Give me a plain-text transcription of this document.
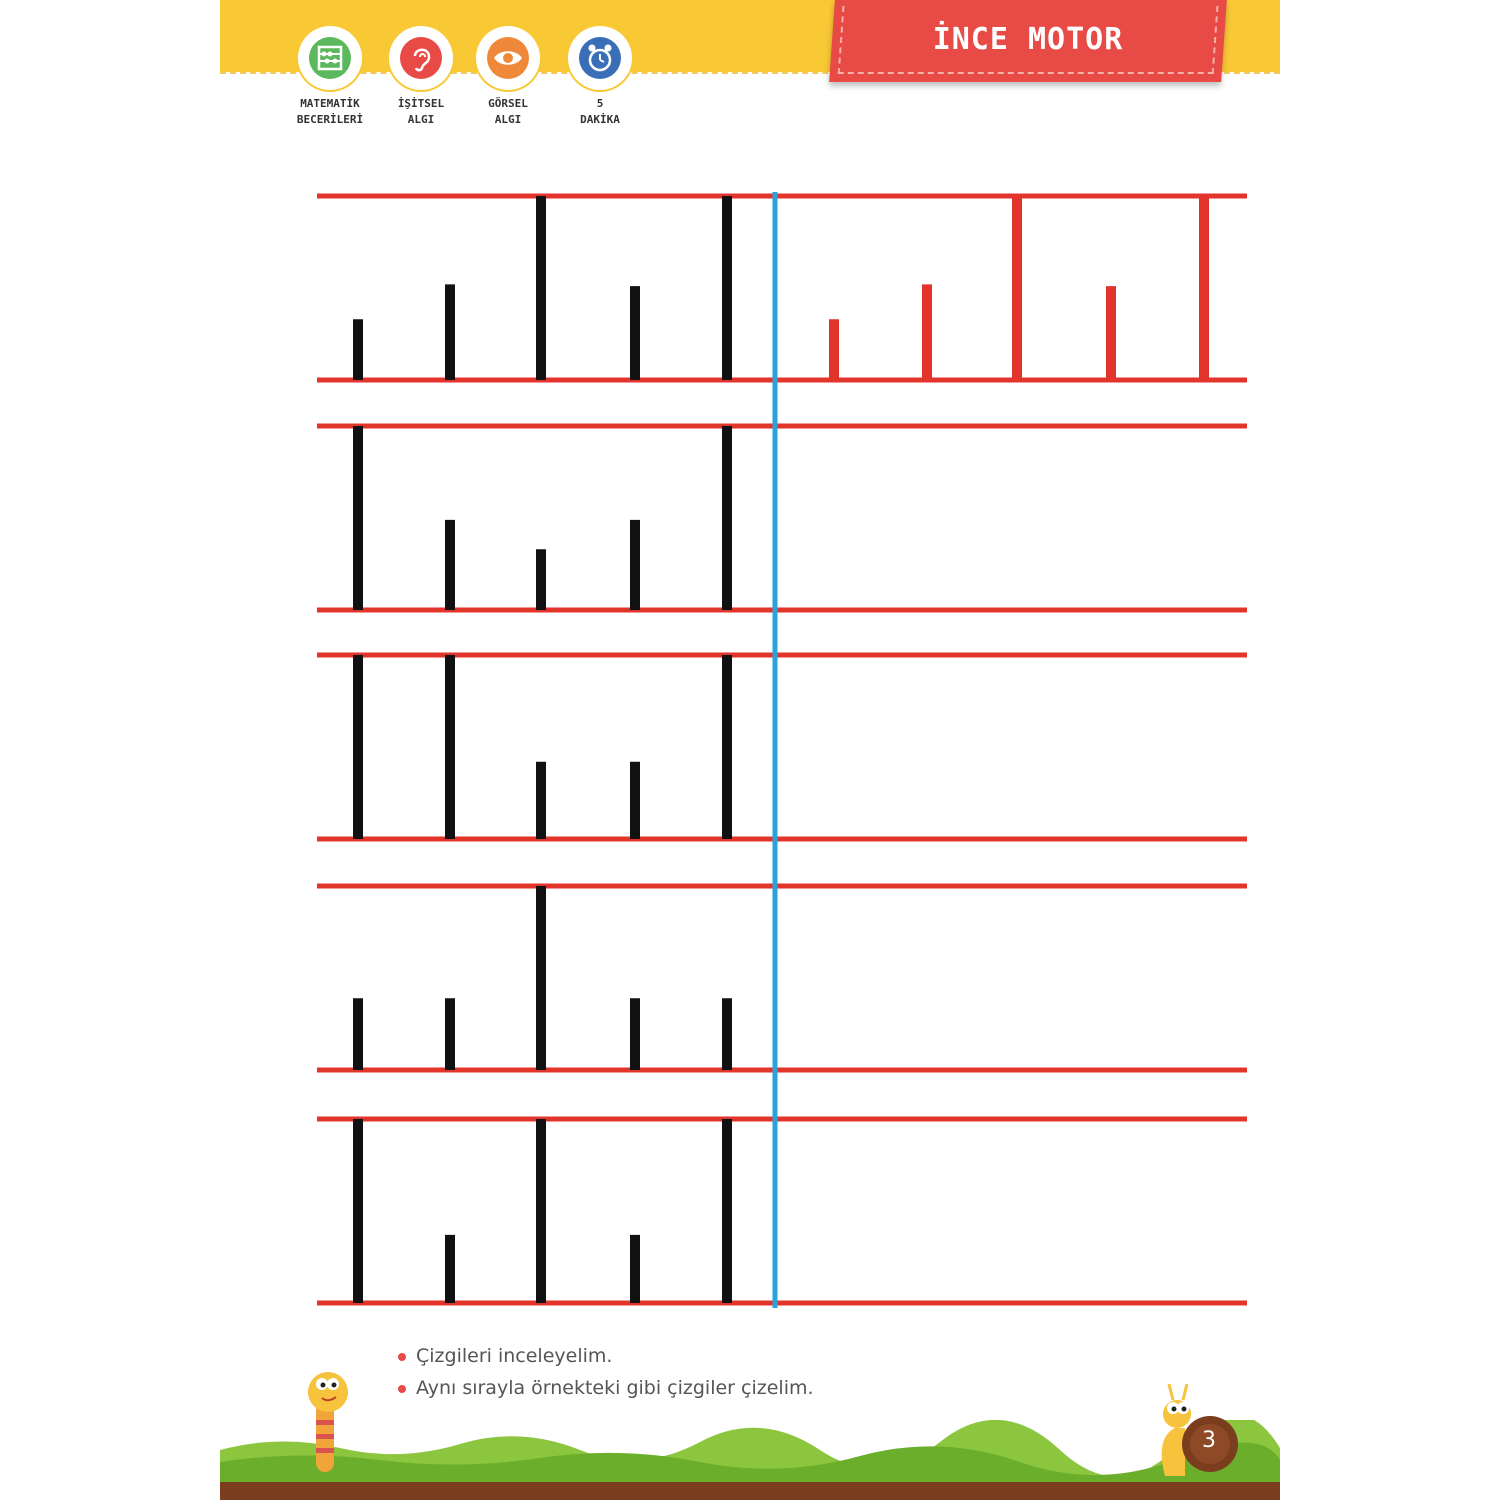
İNCE MOTOR
MATEMATİK
BECERİLERİ
İŞİTSEL
ALGI
GÖRSEL
ALGI
5
DAKİKA
Çizgileri inceleyelim.
Aynı sırayla örnekteki gibi çizgiler çizelim.
3
